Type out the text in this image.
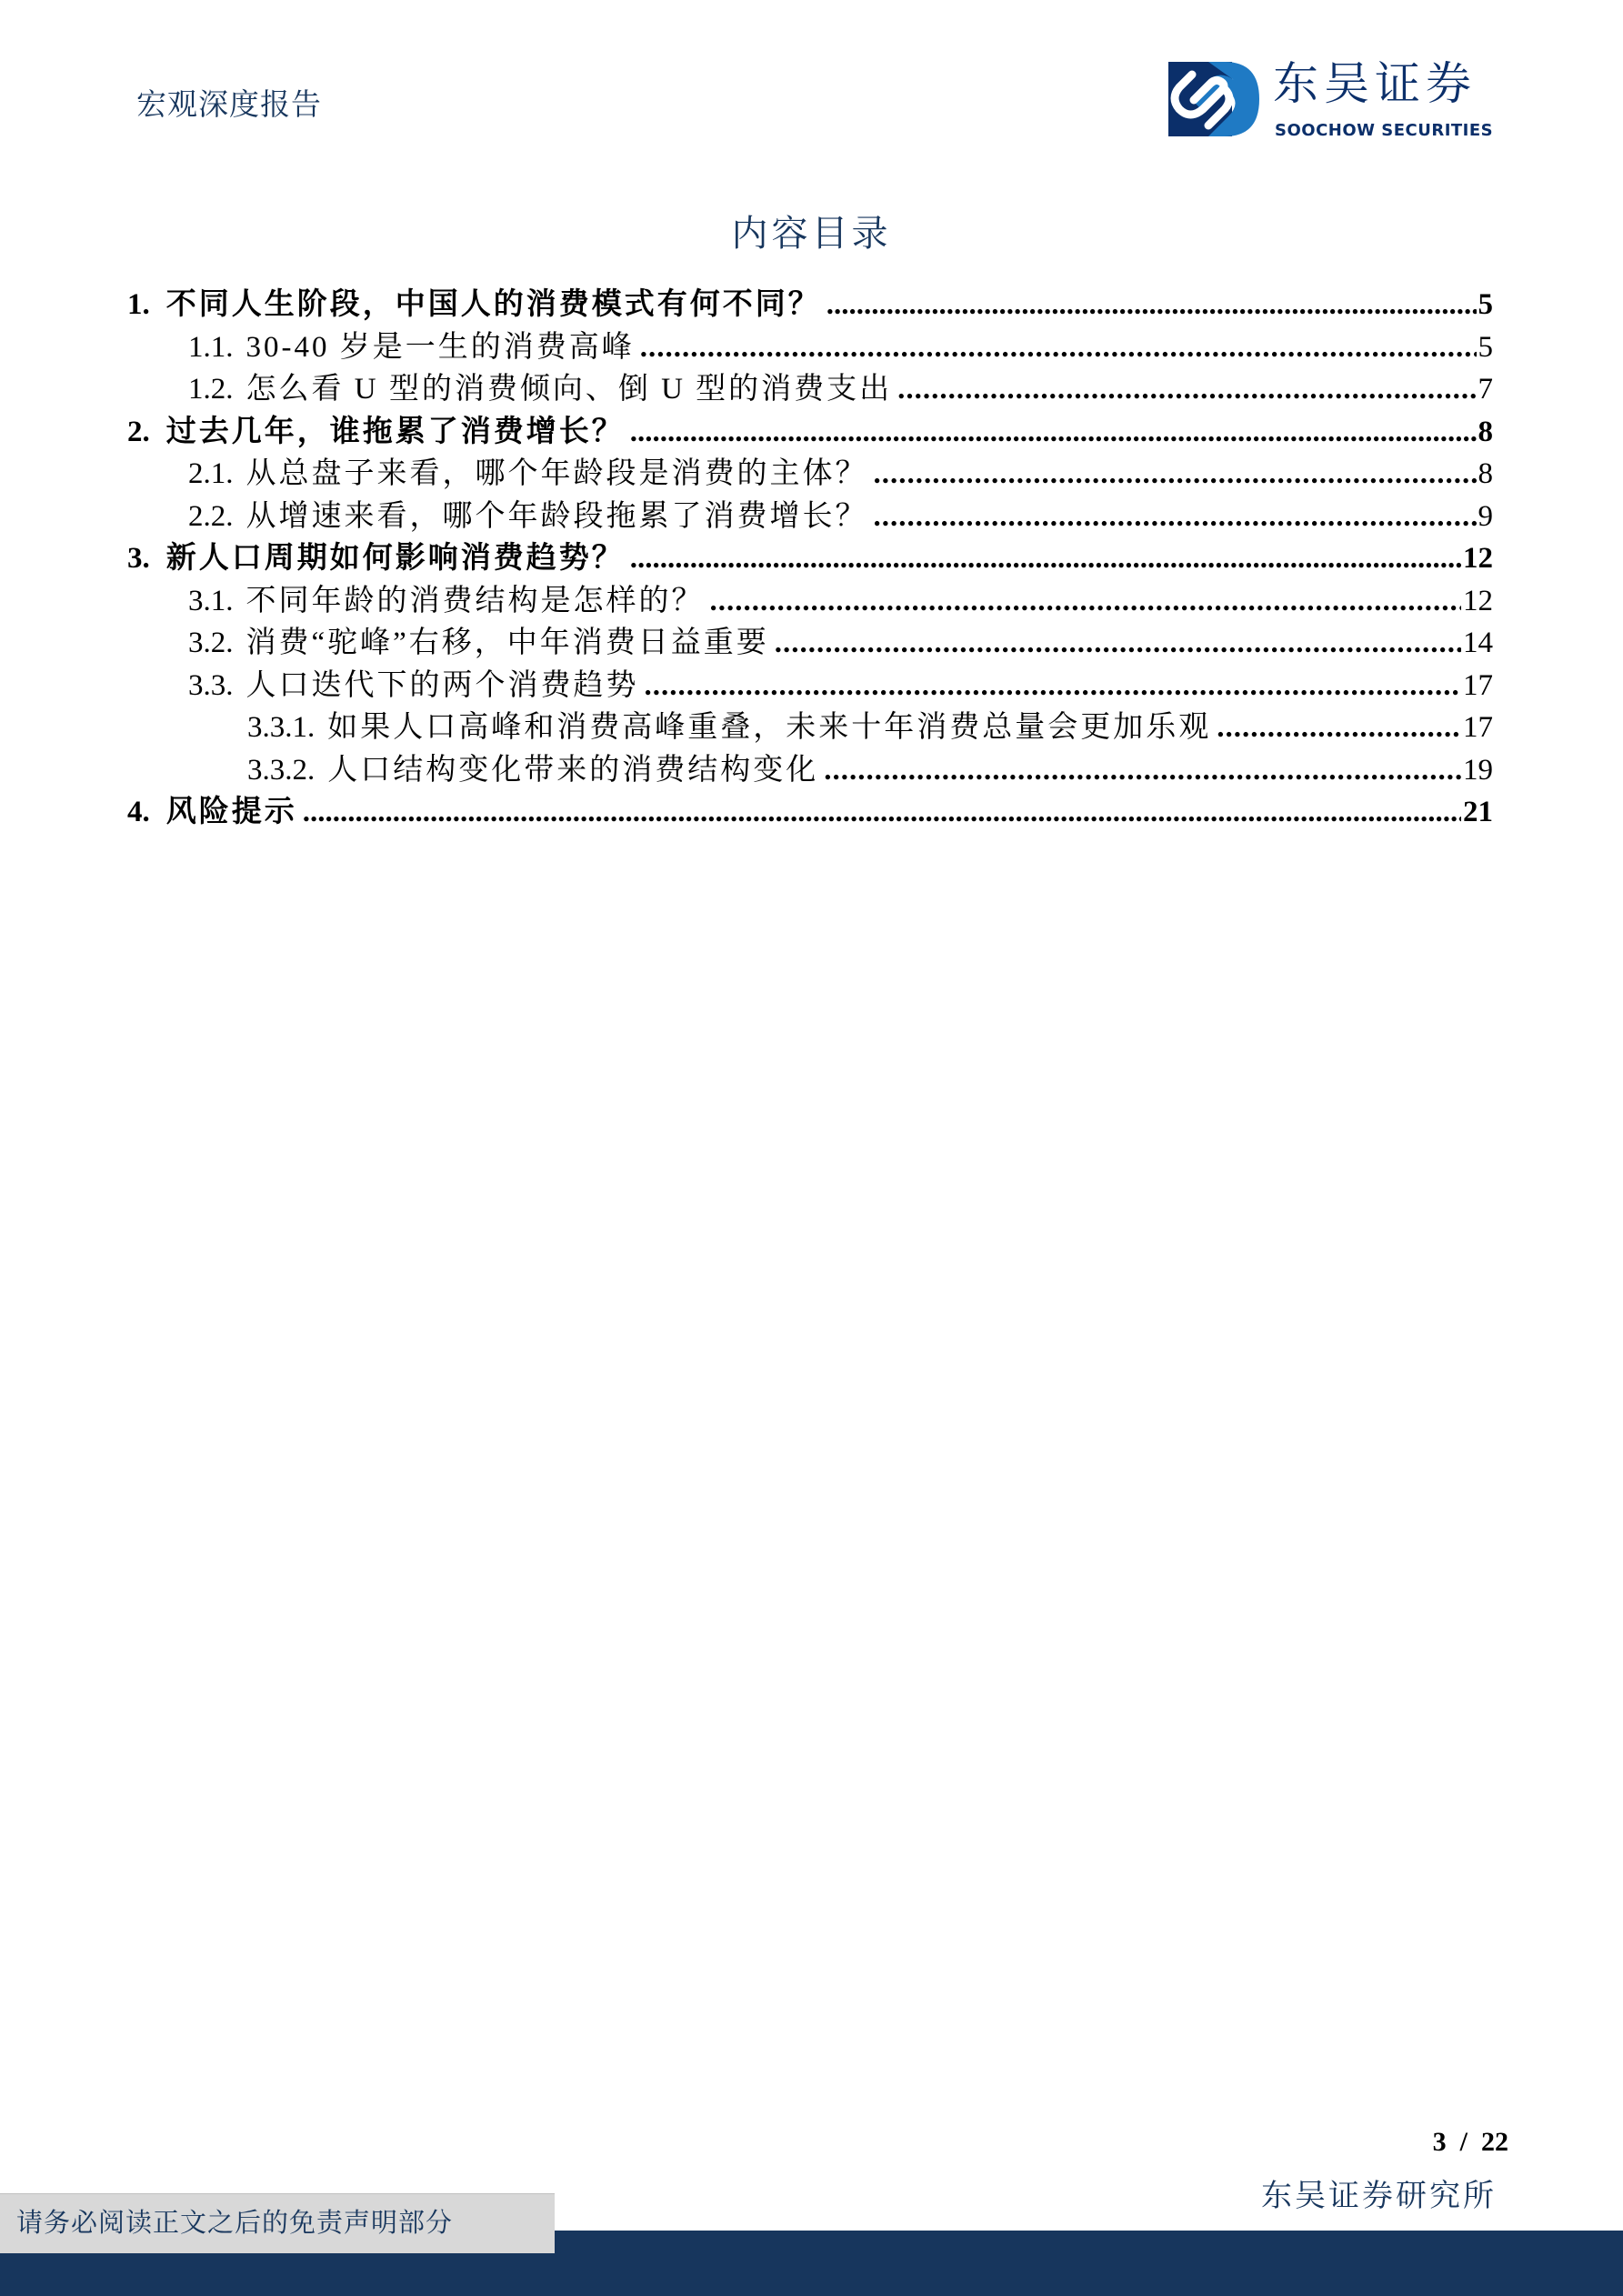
宏观深度报告	东吴证券
SOOCHOW SECURITIES
内容目录
1. 不同人生阶段，中国人的消费模式有何不同？ .....	5
1.1. 30-40 岁是一生的消费高峰 .....	5
1.2. 怎么看 U 型的消费倾向、倒 U 型的消费支出 .....	7
2. 过去几年，谁拖累了消费增长？ .....	8
2.1. 从总盘子来看，哪个年龄段是消费的主体？ .....	8
2.2. 从增速来看，哪个年龄段拖累了消费增长？ .....	9
3. 新人口周期如何影响消费趋势？ .....	12
3.1. 不同年龄的消费结构是怎样的？ .....	12
3.2. 消费“驼峰”右移，中年消费日益重要 .....	14
3.3. 人口迭代下的两个消费趋势 .....	17
3.3.1. 如果人口高峰和消费高峰重叠，未来十年消费总量会更加乐观 .....	17
3.3.2. 人口结构变化带来的消费结构变化 .....	19
4. 风险提示 .....	21
3  /  22
东吴证券研究所
请务必阅读正文之后的免责声明部分
